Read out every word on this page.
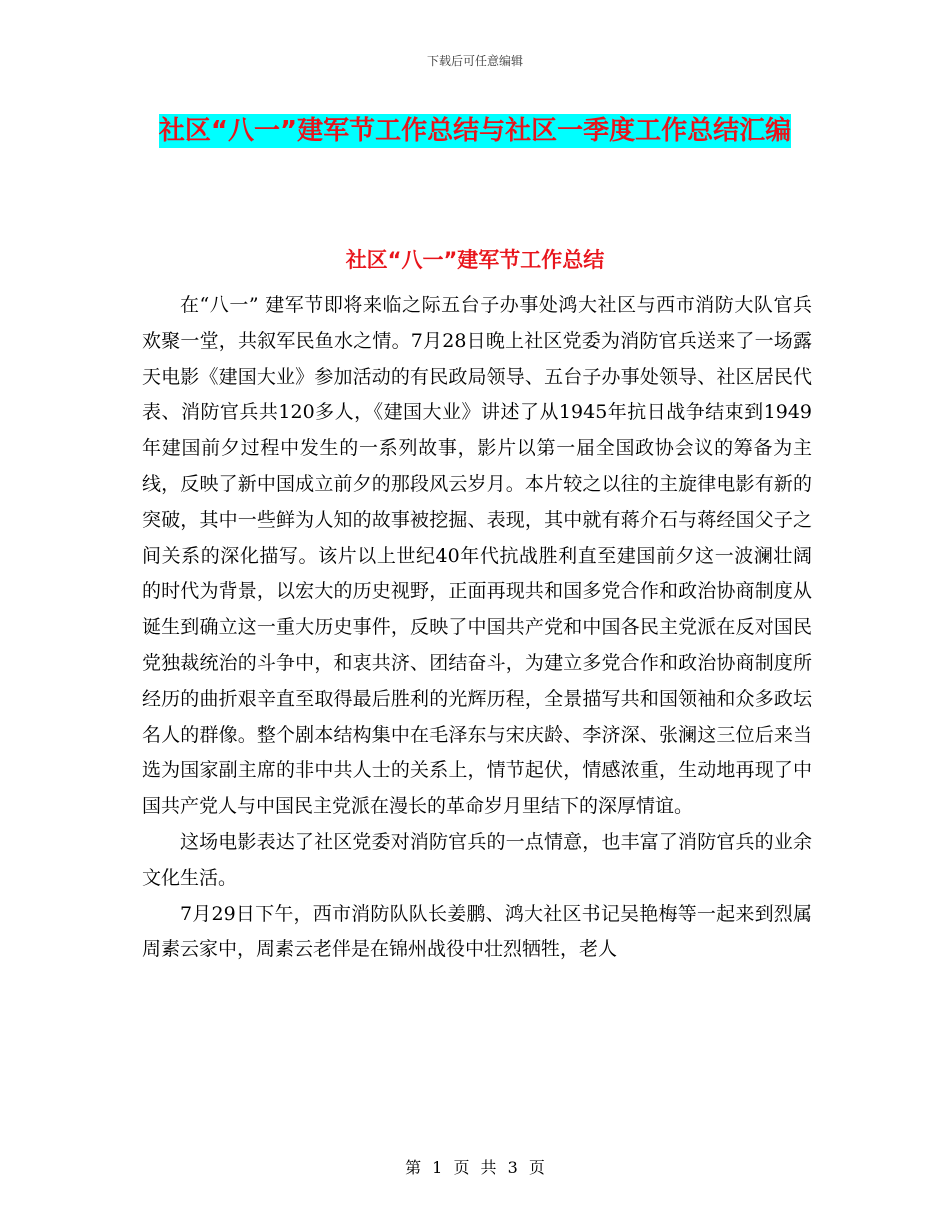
下载后可任意编辑
社区“八一”建军节工作总结与社区一季度工作总结汇编
社区“八一”建军节工作总结

在“八一” 建军节即将来临之际五台子办事处鸿大社区与西市消防大队官兵欢聚一堂，共叙军民鱼水之情。7月28日晚上社区党委为消防官兵送来了一场露天电影《建国大业》参加活动的有民政局领导、五台子办事处领导、社区居民代表、消防官兵共120多人，《建国大业》讲述了从1945年抗日战争结束到1949年建国前夕过程中发生的一系列故事，影片以第一届全国政协会议的筹备为主线，反映了新中国成立前夕的那段风云岁月。本片较之以往的主旋律电影有新的突破，其中一些鲜为人知的故事被挖掘、表现，其中就有蒋介石与蒋经国父子之间关系的深化描写。该片以上世纪40年代抗战胜利直至建国前夕这一波澜壮阔的时代为背景，以宏大的历史视野，正面再现共和国多党合作和政治协商制度从诞生到确立这一重大历史事件，反映了中国共产党和中国各民主党派在反对国民党独裁统治的斗争中，和衷共济、团结奋斗，为建立多党合作和政治协商制度所经历的曲折艰辛直至取得最后胜利的光辉历程，全景描写共和国领袖和众多政坛名人的群像。整个剧本结构集中在毛泽东与宋庆龄、李济深、张澜这三位后来当选为国家副主席的非中共人士的关系上，情节起伏，情感浓重，生动地再现了中国共产党人与中国民主党派在漫长的革命岁月里结下的深厚情谊。

这场电影表达了社区党委对消防官兵的一点情意，也丰富了消防官兵的业余文化生活。

7月29日下午，西市消防队队长姜鹏、鸿大社区书记吴艳梅等一起来到烈属周素云家中，周素云老伴是在锦州战役中壮烈牺牲，老人

第 1 页 共 3 页
